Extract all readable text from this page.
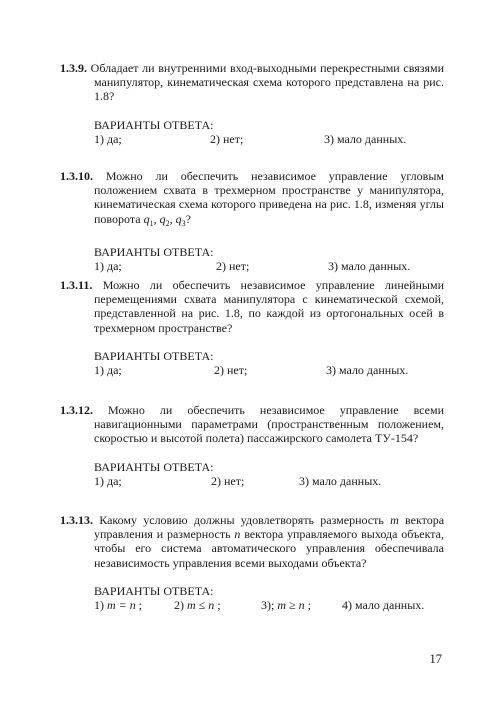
1.3.9. Обладает ли внутренними вход-выходными перекрестными связями манипулятор, кинематическая схема которого представлена на рис. 1.8?
ВАРИАНТЫ ОТВЕТА:
1) да;	2) нет;	3) мало данных.
1.3.10. Можно ли обеспечить независимое управление угловым положением схвата в трехмерном пространстве у манипулятора, кинематическая схема которого приведена на рис. 1.8, изменяя углы поворота $q_1$, $q_2$, $q_3$?
ВАРИАНТЫ ОТВЕТА:
1) да;	2) нет;	3) мало данных.
1.3.11. Можно ли обеспечить независимое управление линейными перемещениями схвата манипулятора с кинематической схемой, представленной на рис. 1.8, по каждой из ортогональных осей в трехмерном пространстве?
ВАРИАНТЫ ОТВЕТА:
1) да;	2) нет;	3) мало данных.
1.3.12. Можно ли обеспечить независимое управление всеми навигационными параметрами (пространственным положением, скоростью и высотой полета) пассажирского самолета ТУ-154?
ВАРИАНТЫ ОТВЕТА:
1) да;	2) нет;	3) мало данных.
1.3.13. Какому условию должны удовлетворять размерность m вектора управления и размерность n вектора управляемого выхода объекта, чтобы его система автоматического управления обеспечивала независимость управления всеми выходами объекта?
ВАРИАНТЫ ОТВЕТА:
1) m = n ;	2) m ≤ n ;	3); m ≥ n ;	4) мало данных.
17
